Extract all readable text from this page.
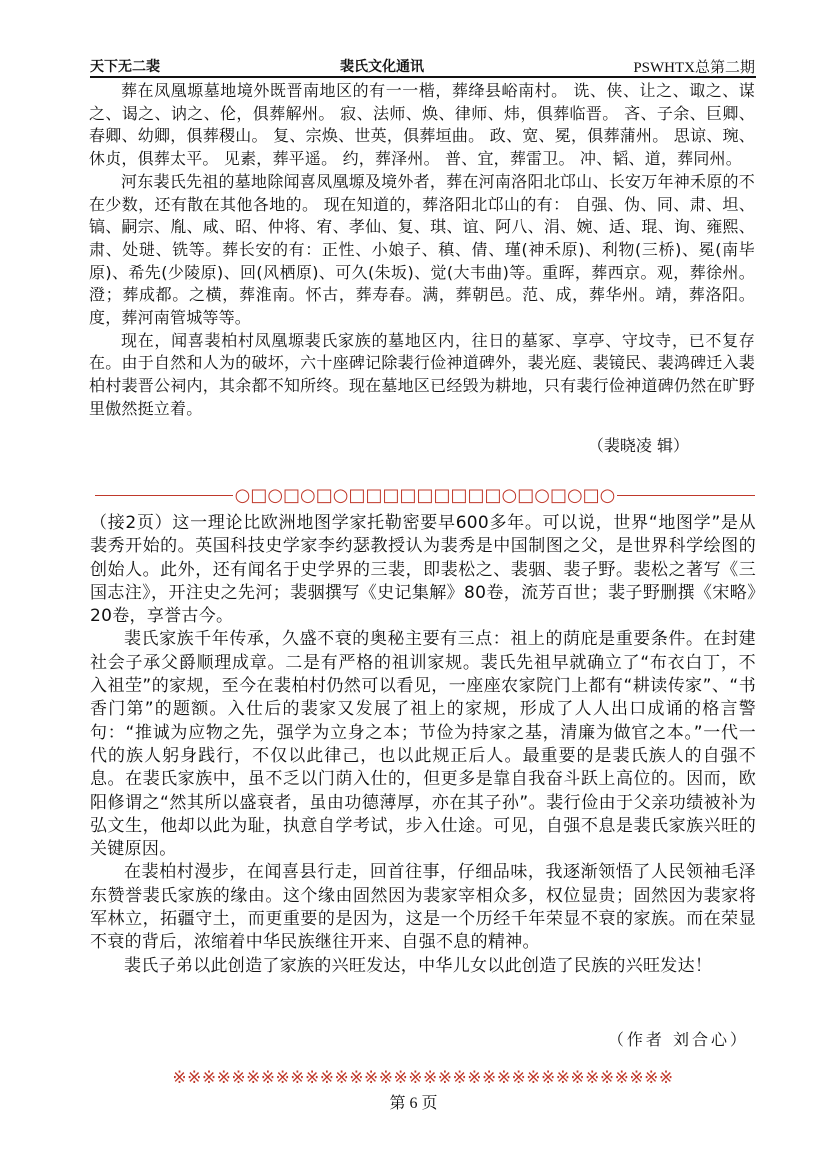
天下无二裴	裴氏文化通讯	PSWHTX总第二期

葬在凤凰塬墓地境外既晋南地区的有一一楷，葬绛县峪南村。 诜、侠、让之、诹之、谋之、谒之、讷之、伦，俱葬解州。 寂、法师、焕、律师、炜，俱葬临晋。 吝、子余、巨卿、春卿、幼卿，俱葬稷山。 复、宗焕、世英，俱葬垣曲。 政、宽、冕，俱葬蒲州。 思谅、琬、休贞，俱葬太平。 见素，葬平遥。 约，葬泽州。 普、宜，葬雷卫。 冲、韬、道，葬同州。

河东裴氏先祖的墓地除闻喜凤凰塬及境外者，葬在河南洛阳北邙山、长安万年神禾原的不在少数，还有散在其他各地的。 现在知道的，葬洛阳北邙山的有： 自强、伪、同、肃、坦、镐、嗣宗、胤、咸、昭、仲将、宥、孝仙、复、琪、谊、阿八、涓、婉、适、琨、询、雍熙、肃、处琎、铣等。葬长安的有：正性、小娘子、稹、倩、瑾(神禾原)、利物(三桥)、冕(南毕原)、希先(少陵原)、回(风栖原)、可久(朱坂)、觉(大韦曲)等。重晖，葬西京。观，葬徐州。澄；葬成都。之横，葬淮南。怀古，葬寿春。满，葬朝邑。范、成，葬华州。靖，葬洛阳。度，葬河南管城等等。

现在，闻喜裴柏村凤凰塬裴氏家族的墓地区内，往日的墓冢、享亭、守坟寺，已不复存在。由于自然和人为的破坏，六十座碑记除裴行俭神道碑外，裴光庭、裴镜民、裴鸿碑迁入裴柏村裴晋公祠内，其余都不知所终。现在墓地区已经毁为耕地，只有裴行俭神道碑仍然在旷野里傲然挺立着。

（裴晓凌 辑）
○□○□○□○□□□□□□□□□○□○□○□○

（接2页）这一理论比欧洲地图学家托勒密要早600多年。可以说，世界“地图学”是从裴秀开始的。英国科技史学家李约瑟教授认为裴秀是中国制图之父，是世界科学绘图的创始人。此外，还有闻名于史学界的三裴，即裴松之、裴骃、裴子野。裴松之著写《三国志注》，开注史之先河；裴骃撰写《史记集解》80卷，流芳百世；裴子野删撰《宋略》20卷，享誉古今。

裴氏家族千年传承，久盛不衰的奥秘主要有三点：祖上的荫庇是重要条件。在封建社会子承父爵顺理成章。二是有严格的祖训家规。裴氏先祖早就确立了“布衣白丁，不入祖茔”的家规，至今在裴柏村仍然可以看见，一座座农家院门上都有“耕读传家”、“书香门第”的题额。入仕后的裴家又发展了祖上的家规，形成了人人出口成诵的格言警句：“推诚为应物之先，强学为立身之本；节俭为持家之基，清廉为做官之本。”一代一代的族人躬身践行，不仅以此律己，也以此规正后人。最重要的是裴氏族人的自强不息。在裴氏家族中，虽不乏以门荫入仕的，但更多是靠自我奋斗跃上高位的。因而，欧阳修谓之“然其所以盛衰者，虽由功德薄厚，亦在其子孙”。裴行俭由于父亲功绩被补为弘文生，他却以此为耻，执意自学考试，步入仕途。可见，自强不息是裴氏家族兴旺的关键原因。

在裴柏村漫步，在闻喜县行走，回首往事，仔细品味，我逐渐领悟了人民领袖毛泽东赞誉裴氏家族的缘由。这个缘由固然因为裴家宰相众多，权位显贵；固然因为裴家将军林立，拓疆守土，而更重要的是因为，这是一个历经千年荣显不衰的家族。而在荣显不衰的背后，浓缩着中华民族继往开来、自强不息的精神。

裴氏子弟以此创造了家族的兴旺发达，中华儿女以此创造了民族的兴旺发达！

（作者 刘合心）
※※※※※※※※※※※※※※※※※※※※※※※※※※※※※※※※※※
第 6 页
